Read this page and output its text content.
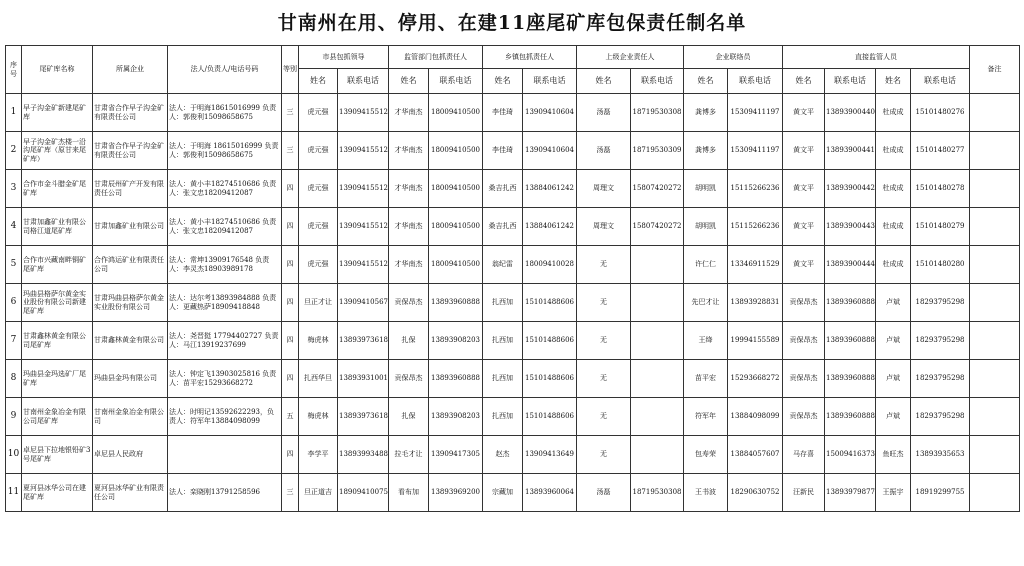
甘南州在用、停用、在建11座尾矿库包保责任制名单
序号	尾矿库名称	所属企业	法人/负责人/电话号码	等别	市县包抓领导		监管部门包抓责任人		乡镇包抓责任人		上级企业责任人		企业联络员		直接监管人员				备注
					姓名	联系电话	姓名	联系电话	姓名	联系电话	姓名	联系电话	姓名	联系电话	姓名	联系电话	姓名	联系电话	
1	早子沟金矿新建尾矿库	甘肃省合作早子沟金矿有限责任公司	法人：于明海18615016999 负责人：郭俊利15098658675	三	虎元强	13909415512	才华南杰	18009410500	李佳琦	13909410604	汤磊	18719530308	龚博多	15309411197	黄文平	13893900440	杜成成	15101480276	
2	早子沟金矿杰楼一沿沟尾矿库（原甘来尾矿库）	甘肃省合作早子沟金矿有限责任公司	法人：于明海 18615016999 负责人：郭俊利15098658675	三	虎元强	13909415512	才华南杰	18009410500	李佳琦	13909410604	汤磊	18719530309	龚博多	15309411197	黄文平	13893900441	杜成成	15101480277	
3	合作市金斗腊金矿尾矿库	甘肃辰州矿产开发有限责任公司	法人：黄小丰18274510686 负责人：张文忠18209412087	四	虎元强	13909415512	才华南杰	18009410500	桑吉扎西	13884061242	周理文	15807420272	胡明凯	15115266236	黄文平	13893900442	杜成成	15101480278	
4	甘肃加鑫矿业有限公司格江道尾矿库	甘肃加鑫矿业有限公司	法人：黄小丰18274510686 负责人：张文忠18209412087	四	虎元强	13909415512	才华南杰	18009410500	桑吉扎西	13884061242	周理文	15807420272	胡明凯	15115266236	黄文平	13893900443	杜成成	15101480279	
5	合作市兴藏南畔铜矿尾矿库	合作鸿运矿业有限责任公司	法人：常坤13909176548 负责人：李灵杰18903989178	四	虎元强	13909415512	才华南杰	18009410500	翁纪雷	18009410028	无		许仁仁	13346911529	黄文平	13893900444	杜成成	15101480280	
6	玛曲县格萨尔黄金实业股份有限公司新建尾矿库	甘肃玛曲县格萨尔黄金实业股份有限公司	法人：达尔考13893984888 负责人：更藏热萨18909418848	四	旦正才让	13909410567	贡保昂杰	13893960888	扎西加	15101488606	无		先巴才让	13893928831	贡保昂杰	13893960888	卢斌	18293795298	
7	甘肃鑫林黄金有限公司尾矿库	甘肃鑫林黄金有限公司	法人：尧晋挺 17794402727 负责人：马江13919237699	四	梅虎林	13893973618	扎保	13893908203	扎西加	15101488606	无		王绛	19994155589	贡保昂杰	13893960888	卢斌	18293795298	
8	玛曲县金玛选矿厂尾矿库	玛曲县金玛有限公司	法人：钟定飞13903025816 负责人：苗平宏15293668272	四	扎西华旦	13893931001	贡保昂杰	13893960888	扎西加	15101488606	无		苗平宏	15293668272	贡保昂杰	13893960888	卢斌	18293795298	
9	甘南州金象冶金有限公司尾矿库	甘南州金象冶金有限公司	法人：时明记13592622293，负责人：符军年13884098099	五	梅虎林	13893973618	扎保	13893908203	扎西加	15101488606	无		符军年	13884098099	贡保昂杰	13893960888	卢斌	18293795298	
10	卓尼县下拉地银铅矿3号尾矿库	卓尼县人民政府		四	李学平	13893993488	拉毛才让	13909417305	赵杰	13909413649	无		包寿荣	13884057607	马存喜	15009416373	鱼旺杰	13893935653	
11	夏河县冰华公司在建尾矿库	夏河县冰华矿业有限责任公司	法人：栾晓刚13791258596	三	旦正道吉	18909410075	看布加	13893969200	宗藏加	13893960064	汤磊	18719530308	王书波	18290630752	汪新民	13893979877	王振宇	18919299755	
